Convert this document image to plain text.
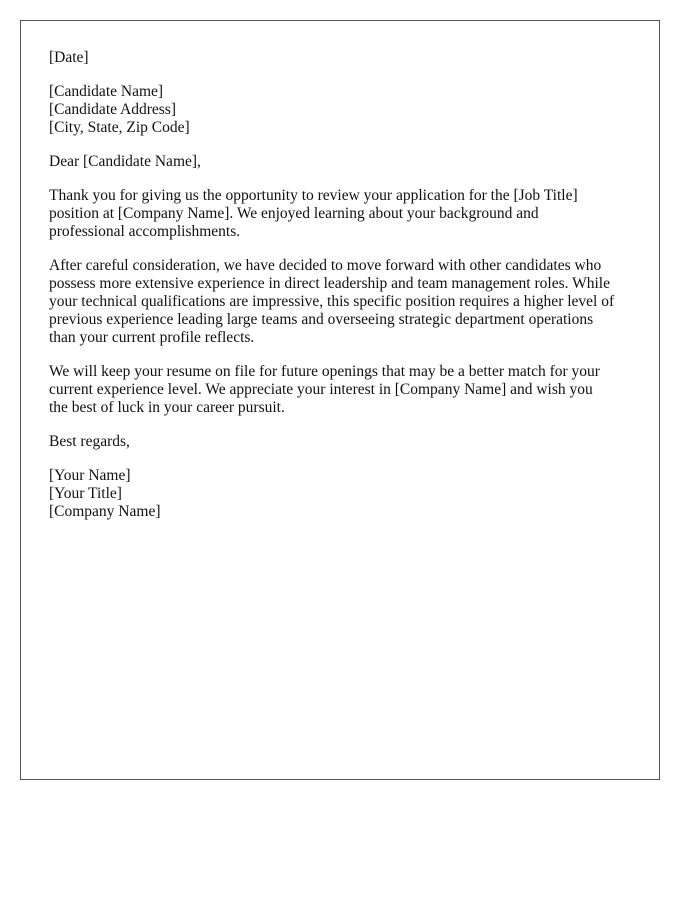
[Date]
[Candidate Name]
[Candidate Address]
[City, State, Zip Code]
Dear [Candidate Name],
Thank you for giving us the opportunity to review your application for the [Job Title]
position at [Company Name]. We enjoyed learning about your background and
professional accomplishments.
After careful consideration, we have decided to move forward with other candidates who
possess more extensive experience in direct leadership and team management roles. While
your technical qualifications are impressive, this specific position requires a higher level of
previous experience leading large teams and overseeing strategic department operations
than your current profile reflects.
We will keep your resume on file for future openings that may be a better match for your
current experience level. We appreciate your interest in [Company Name] and wish you
the best of luck in your career pursuit.
Best regards,
[Your Name]
[Your Title]
[Company Name]
